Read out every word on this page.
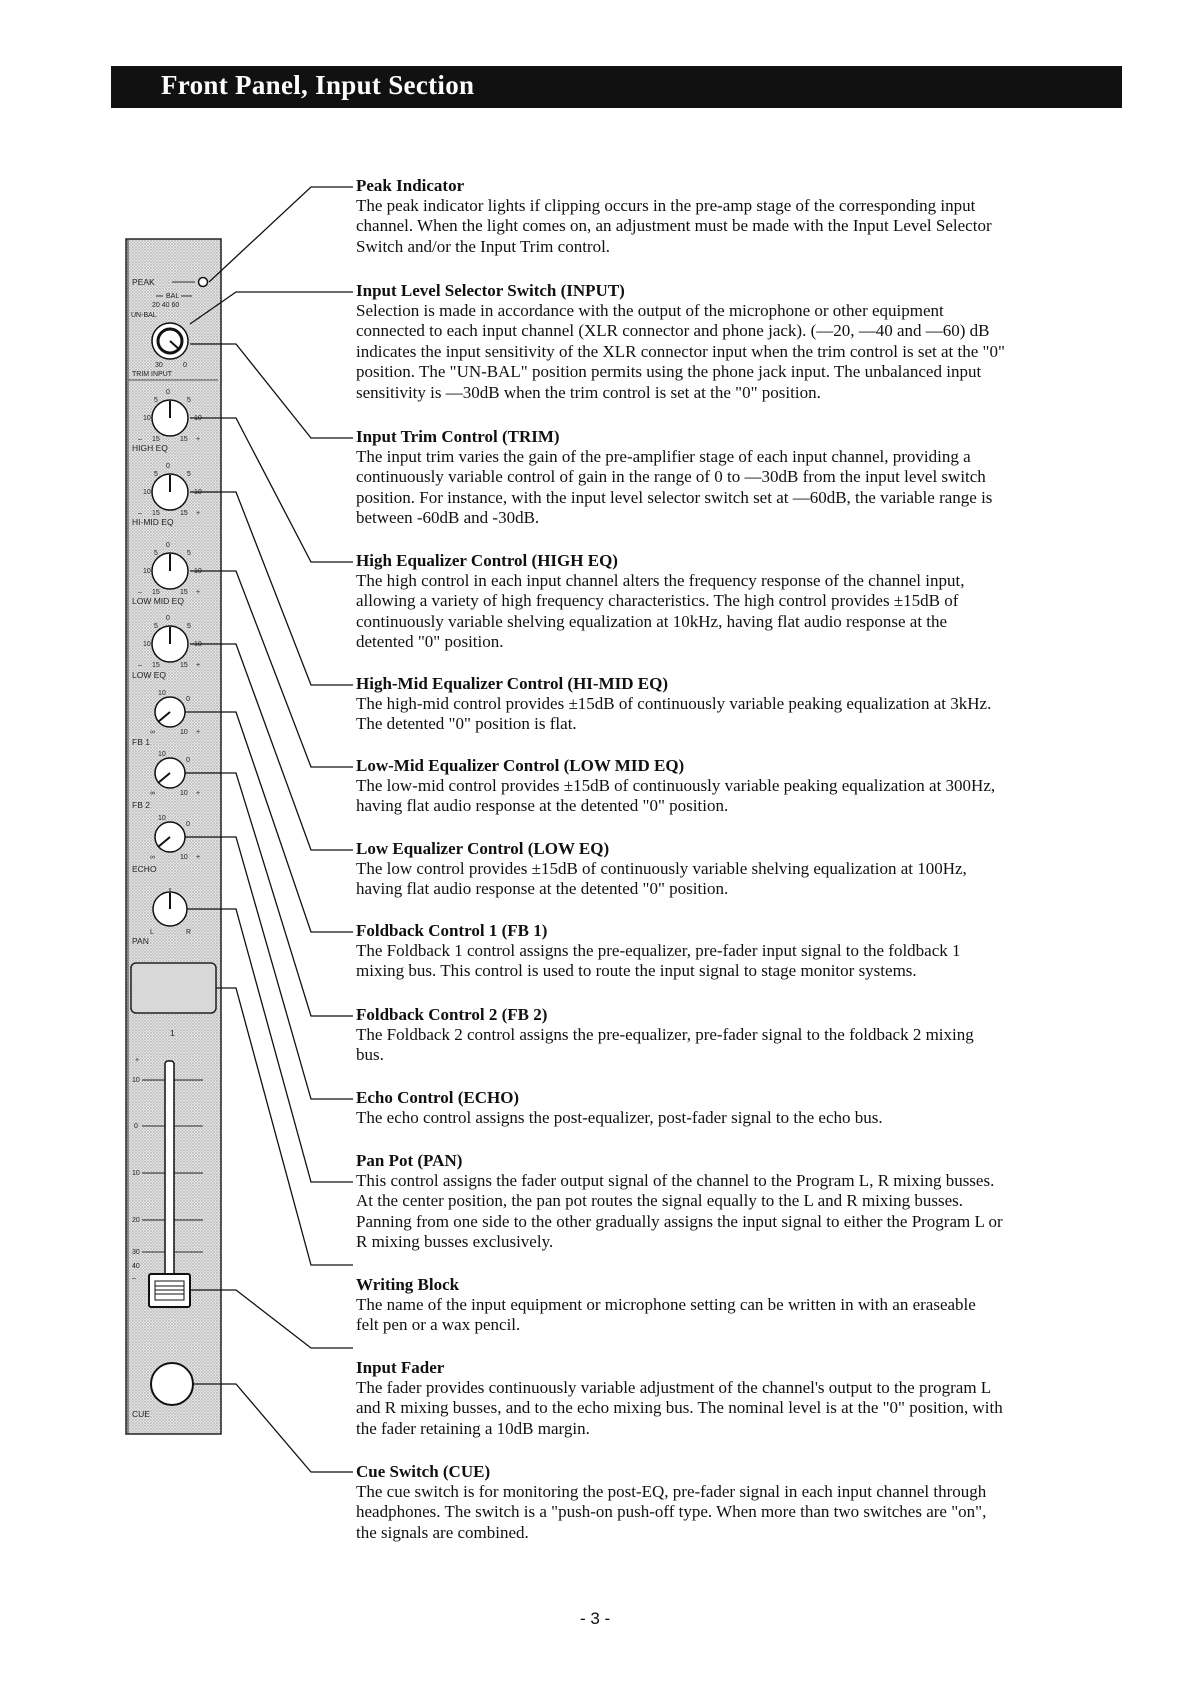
Front Panel, Input Section
PEAK
BAL
20 40 60
UN-BAL
30	0
TRIM INPUT
0
5	5
10	10
– 15	15 +
HIGH EQ
0
5	5
10	10
– 15	15 +
HI-MID EQ
0
5	5
10	10
– 15	15 +
LOW MID EQ
0
5	5
10	10
– 15	15 +
LOW EQ
10
0
∞	10 +
FB 1
10
0
∞	10 +
FB 2
10
0
∞	10 +
ECHO
L	R
PAN
1
+
10
0
10
20
30
40
–
CUE
Peak Indicator
The peak indicator lights if clipping occurs in the pre-amp stage of the corresponding input
channel. When the light comes on, an adjustment must be made with the Input Level Selector
Switch and/or the Input Trim control.
Input Level Selector Switch (INPUT)
Selection is made in accordance with the output of the microphone or other equipment
connected to each input channel (XLR connector and phone jack). (—20, —40 and —60) dB
indicates the input sensitivity of the XLR connector input when the trim control is set at the "0"
position. The "UN-BAL" position permits using the phone jack input. The unbalanced input
sensitivity is —30dB when the trim control is set at the "0" position.
Input Trim Control (TRIM)
The input trim varies the gain of the pre-amplifier stage of each input channel, providing a
continuously variable control of gain in the range of 0 to —30dB from the input level switch
position. For instance, with the input level selector switch set at —60dB, the variable range is
between -60dB and -30dB.
High Equalizer Control (HIGH EQ)
The high control in each input channel alters the frequency response of the channel input,
allowing a variety of high frequency characteristics. The high control provides ±15dB of
continuously variable shelving equalization at 10kHz, having flat audio response at the
detented "0" position.
High-Mid Equalizer Control (HI-MID EQ)
The high-mid control provides ±15dB of continuously variable peaking equalization at 3kHz.
The detented "0" position is flat.
Low-Mid Equalizer Control (LOW MID EQ)
The low-mid control provides ±15dB of continuously variable peaking equalization at 300Hz,
having flat audio response at the detented "0" position.
Low Equalizer Control (LOW EQ)
The low control provides ±15dB of continuously variable shelving equalization at 100Hz,
having flat audio response at the detented "0" position.
Foldback Control 1 (FB 1)
The Foldback 1 control assigns the pre-equalizer, pre-fader input signal to the foldback 1
mixing bus. This control is used to route the input signal to stage monitor systems.
Foldback Control 2 (FB 2)
The Foldback 2 control assigns the pre-equalizer, pre-fader signal to the foldback 2 mixing
bus.
Echo Control (ECHO)
The echo control assigns the post-equalizer, post-fader signal to the echo bus.
Pan Pot (PAN)
This control assigns the fader output signal of the channel to the Program L, R mixing busses.
At the center position, the pan pot routes the signal equally to the L and R mixing busses.
Panning from one side to the other gradually assigns the input signal to either the Program L or
R mixing busses exclusively.
Writing Block
The name of the input equipment or microphone setting can be written in with an eraseable
felt pen or a wax pencil.
Input Fader
The fader provides continuously variable adjustment of the channel's output to the program L
and R mixing busses, and to the echo mixing bus. The nominal level is at the "0" position, with
the fader retaining a 10dB margin.
Cue Switch (CUE)
The cue switch is for monitoring the post-EQ, pre-fader signal in each input channel through
headphones. The switch is a "push-on push-off type. When more than two switches are "on",
the signals are combined.
- 3 -
